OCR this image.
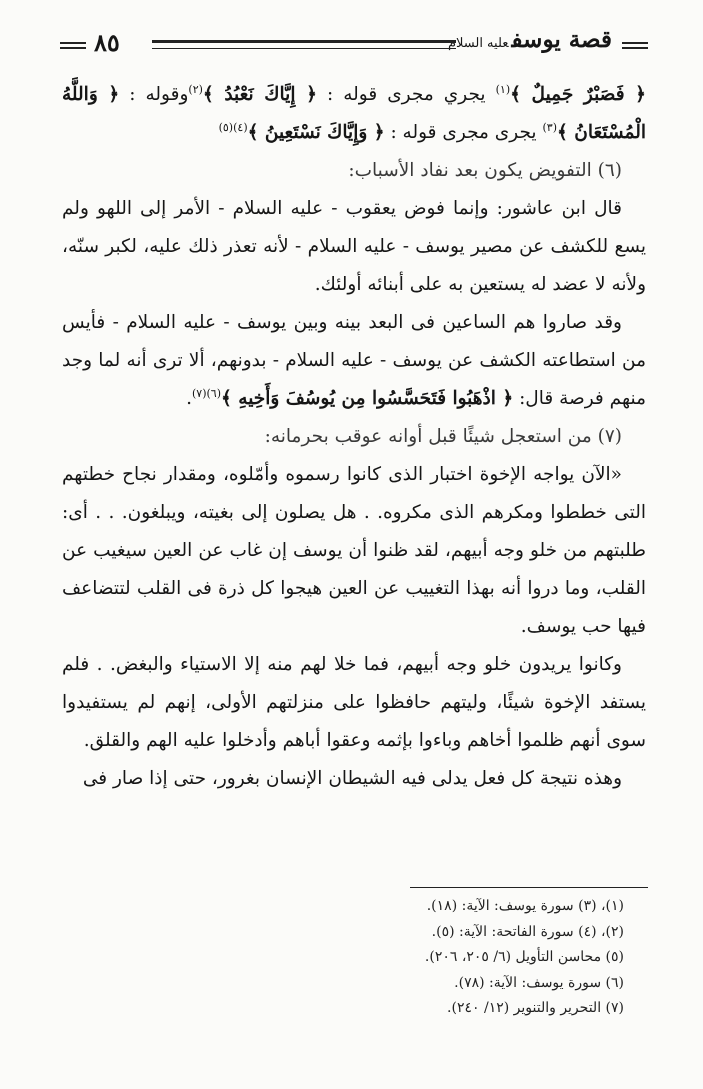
قصة يوسفعليه السلام
٨٥

﴿ فَصَبْرٌ جَمِيلٌ ﴾$^{(١)}$ يجري مجرى قوله : ﴿ إِيَّاكَ نَعْبُدُ ﴾$^{(٢)}$وقوله : ﴿ وَاللَّهُ الْمُسْتَعَانُ ﴾$^{(٣)}$ يجرى مجرى قوله : ﴿ وَإِيَّاكَ نَسْتَعِينُ ﴾$^{(٤)(٥)}$

(٦) التفويض يكون بعد نفاد الأسباب:

قال ابن عاشور: وإنما فوض يعقوب - عليه السلام - الأمر إلى اللهو ولم يسع للكشف عن مصير يوسف - عليه السلام - لأنه تعذر ذلك عليه، لكبر سنّه، ولأنه لا عضد له يستعين به على أبنائه أولئك.

وقد صاروا هم الساعين فى البعد بينه وبين يوسف - عليه السلام - فأيس من استطاعته الكشف عن يوسف - عليه السلام - بدونهم، ألا ترى أنه لما وجد منهم فرصة قال: ﴿ اذْهَبُوا فَتَحَسَّسُوا مِن يُوسُفَ وَأَخِيهِ ﴾$^{(٦)(٧)}$.

(٧) من استعجل شيئًا قبل أوانه عوقب بحرمانه:

«الآن يواجه الإخوة اختبار الذى كانوا رسموه وأمّلوه، ومقدار نجاح خطتهم التى خططوا ومكرهم الذى مكروه. . هل يصلون إلى بغيته، ويبلغون. . . أى: طلبتهم من خلو وجه أبيهم، لقد ظنوا أن يوسف إن غاب عن العين سيغيب عن القلب، وما دروا أنه بهذا التغييب عن العين هيجوا كل ذرة فى القلب لتتضاعف فيها حب يوسف.

وكانوا يريدون خلو وجه أبيهم، فما خلا لهم منه إلا الاستياء والبغض. . فلم يستفد الإخوة شيئًا، وليتهم حافظوا على منزلتهم الأولى، إنهم لم يستفيدوا سوى أنهم ظلموا أخاهم وباءوا بإثمه وعقوا أباهم وأدخلوا عليه الهم والقلق.

وهذه نتيجة كل فعل يدلى فيه الشيطان الإنسان بغرور، حتى إذا صار فى

(١)، (٣) سورة يوسف: الآية: (١٨).
(٢)، (٤) سورة الفاتحة: الآية: (٥).
(٥) محاسن التأويل (٦/ ٢٠٥، ٢٠٦).
(٦) سورة يوسف: الآية: (٧٨).
(٧) التحرير والتنوير (١٢/ ٢٤٠).
